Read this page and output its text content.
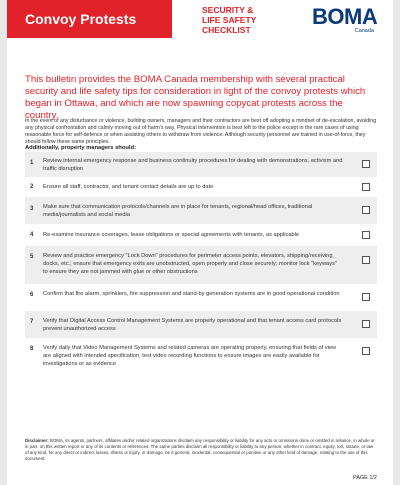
Convoy Protests
SECURITY &
LIFE SAFETY
CHECKLIST
BOMA
Canada
This bulletin provides the BOMA Canada membership with several practical security and life safety tips for consideration in light of the convoy protests which began in Ottawa, and which are now spawning copycat protests across the country.
In the event of any disturbance or violence, building owners, managers and their contractors are best off adopting a mindset of de-escalation, avoiding any physical confrontation and calmly moving out of harm's way. Physical intervention is best left to the police except in the rare cases of using reasonable force for self-defence or when assisting others to withdraw from violence. Although security personnel are trained in use-of-force, they should follow these same principles.
Additionally, property managers should:
1 Review internal emergency response and business continuity procedures for dealing with demonstrations, activism and traffic disruption
2 Ensure all staff, contractor, and tenant contact details are up to date
3 Make sure that communication protocols/channels are in place for tenants, regional/head offices, traditional media/journalists and social media
4 Re-examine insurance coverages, lease obligations or special agreements with tenants, as applicable
5 Review and practice emergency "Lock Down" procedures for perimeter access points, elevators, shipping/receiving docks, etc.; ensure that emergency exits are unobstructed, open properly and close securely; monitor lock "keyways" to ensure they are not jammed with glue or other obstructions
6 Confirm that fire alarm, sprinklers, fire suppression and stand-by generation systems are in good operational condition
7 Verify that Digital Access Control Management Systems are properly operational and that tenant access card protocols prevent unauthorized access
8 Verify daily that Video Management Systems and related cameras are operating properly, ensuring that fields of view are aligned with intended specification; test video recording functions to ensure images are easily available for investigations or as evidence
Disclaimer: BOMA, its agents, partners, affiliates and/or related organizations disclaim any responsibility or liability for any acts or omissions done or omitted in reliance, in whole or in part, on this written report or any of its contents or references. The same parties disclaim all responsibility or liability to any person, whether in contract, equity, tort, statute, or law of any kind, for any direct or indirect losses, illness or injury, or damage, be it general, incidental, consequential or punitive or any other kind of damage, relating to the use of this document.
PAGE 1/2
